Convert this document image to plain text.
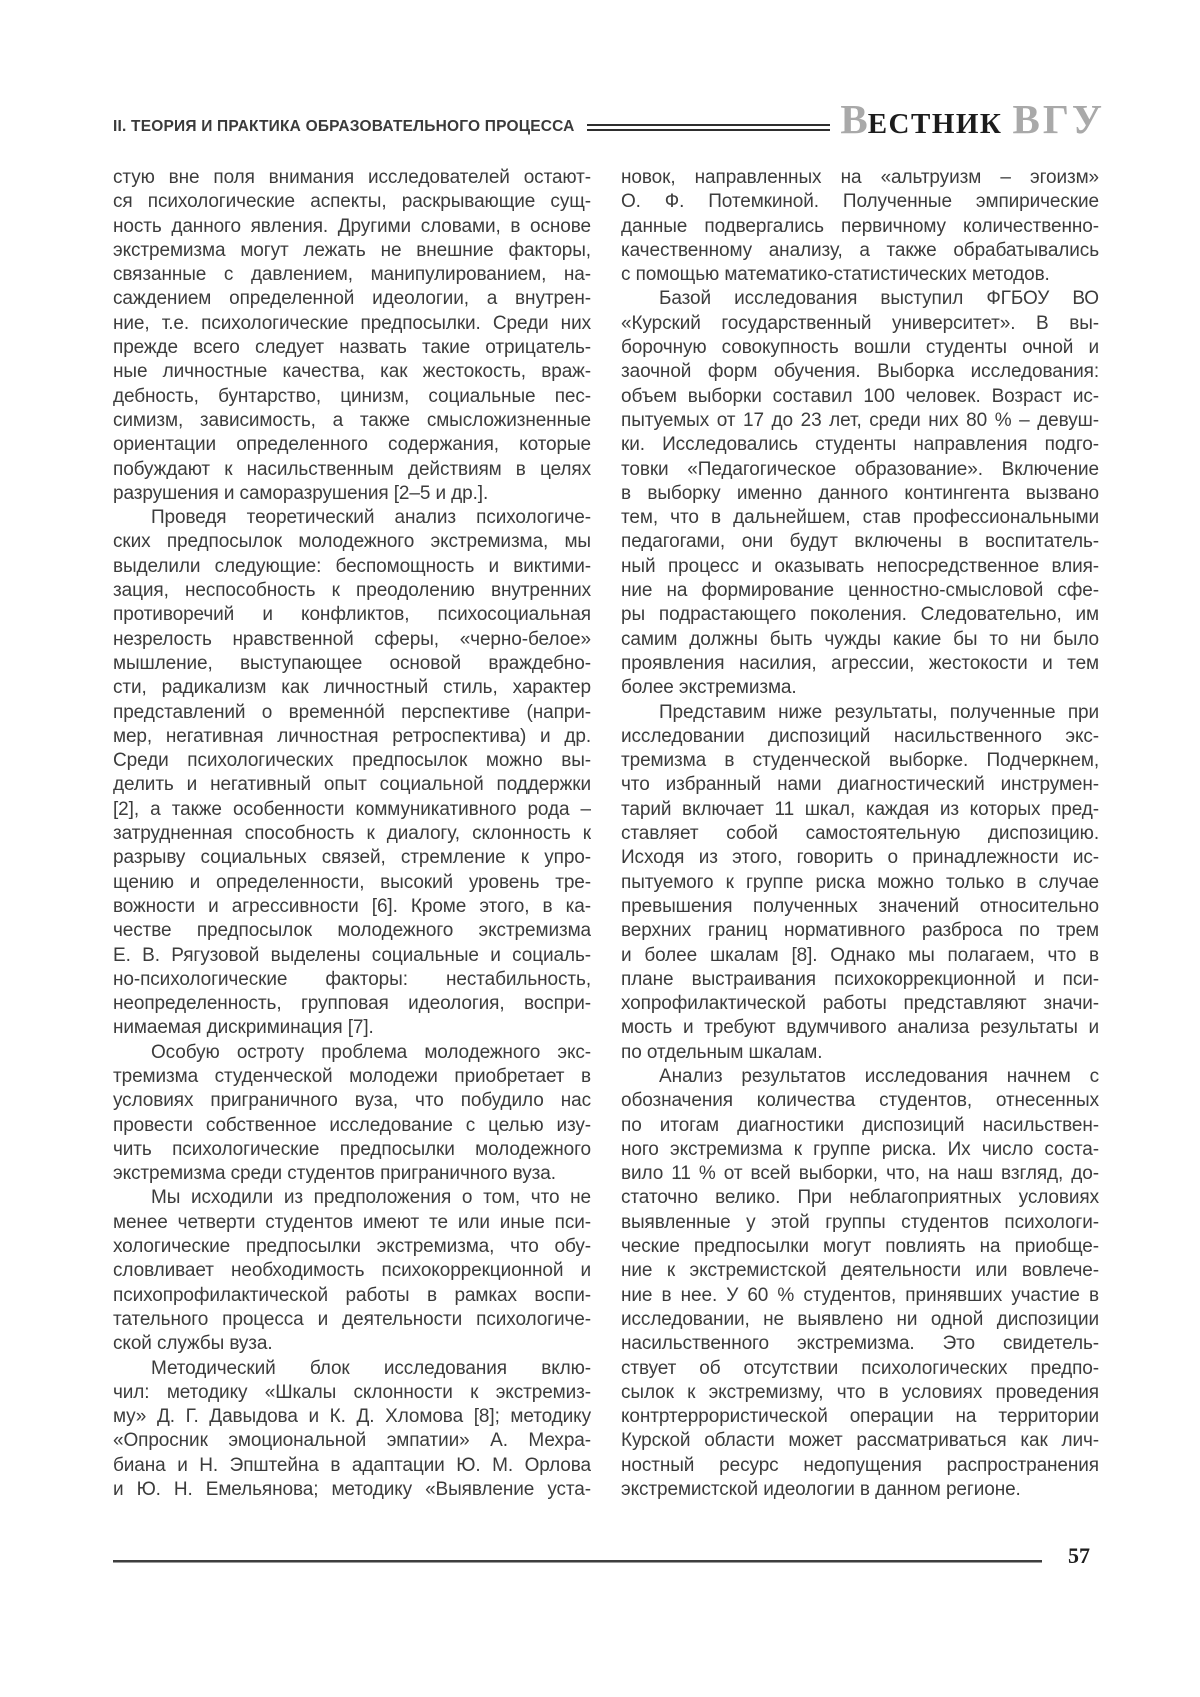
II. ТЕОРИЯ И ПРАКТИКА ОБРАЗОВАТЕЛЬНОГО ПРОЦЕССА	ВЕСТНИК ВГУ
стую вне поля внимания исследователей остают-
ся психологические аспекты, раскрывающие сущ-
ность данного явления. Другими словами, в основе
экстремизма могут лежать не внешние факторы,
связанные с давлением, манипулированием, на-
саждением определенной идеологии, а внутрен-
ние, т.е. психологические предпосылки. Среди них
прежде всего следует назвать такие отрицатель-
ные личностные качества, как жестокость, враж-
дебность, бунтарство, цинизм, социальные пес-
симизм, зависимость, а также смысложизненные
ориентации определенного содержания, которые
побуждают к насильственным действиям в целях
разрушения и саморазрушения [2–5 и др.].
Проведя теоретический анализ психологиче-
ских предпосылок молодежного экстремизма, мы
выделили следующие: беспомощность и виктими-
зация, неспособность к преодолению внутренних
противоречий и конфликтов, психосоциальная
незрелость нравственной сферы, «черно-белое»
мышление, выступающее основой враждебно-
сти, радикализм как личностный стиль, характер
представлений о временно́й перспективе (напри-
мер, негативная личностная ретроспектива) и др.
Среди психологических предпосылок можно вы-
делить и негативный опыт социальной поддержки
[2], а также особенности коммуникативного рода –
затрудненная способность к диалогу, склонность к
разрыву социальных связей, стремление к упро-
щению и определенности, высокий уровень тре-
вожности и агрессивности [6]. Кроме этого, в ка-
честве предпосылок молодежного экстремизма
Е. В. Рягузовой выделены социальные и социаль-
но-психологические факторы: нестабильность,
неопределенность, групповая идеология, воспри-
нимаемая дискриминация [7].
Особую остроту проблема молодежного экс-
тремизма студенческой молодежи приобретает в
условиях приграничного вуза, что побудило нас
провести собственное исследование с целью изу-
чить психологические предпосылки молодежного
экстремизма среди студентов приграничного вуза.
Мы исходили из предположения о том, что не
менее четверти студентов имеют те или иные пси-
хологические предпосылки экстремизма, что обу-
словливает необходимость психокоррекционной и
психопрофилактической работы в рамках воспи-
тательного процесса и деятельности психологиче-
ской службы вуза.
Методический блок исследования вклю-
чил: методику «Шкалы склонности к экстремиз-
му» Д. Г. Давыдова и К. Д. Хломова [8]; методику
«Опросник эмоциональной эмпатии» А. Мехра-
биана и Н. Эпштейна в адаптации Ю. М. Орлова
и Ю. Н. Емельянова; методику «Выявление уста-
новок, направленных на «альтруизм – эгоизм»
О. Ф. Потемкиной. Полученные эмпирические
данные подвергались первичному количественно-
качественному анализу, а также обрабатывались
с помощью математико-статистических методов.
Базой исследования выступил ФГБОУ ВО
«Курский государственный университет». В вы-
борочную совокупность вошли студенты очной и
заочной форм обучения. Выборка исследования:
объем выборки составил 100 человек. Возраст ис-
пытуемых от 17 до 23 лет, среди них 80 % – девуш-
ки. Исследовались студенты направления подго-
товки «Педагогическое образование». Включение
в выборку именно данного контингента вызвано
тем, что в дальнейшем, став профессиональными
педагогами, они будут включены в воспитатель-
ный процесс и оказывать непосредственное влия-
ние на формирование ценностно-смысловой сфе-
ры подрастающего поколения. Следовательно, им
самим должны быть чужды какие бы то ни было
проявления насилия, агрессии, жестокости и тем
более экстремизма.
Представим ниже результаты, полученные при
исследовании диспозиций насильственного экс-
тремизма в студенческой выборке. Подчеркнем,
что избранный нами диагностический инструмен-
тарий включает 11 шкал, каждая из которых пред-
ставляет собой самостоятельную диспозицию.
Исходя из этого, говорить о принадлежности ис-
пытуемого к группе риска можно только в случае
превышения полученных значений относительно
верхних границ нормативного разброса по трем
и более шкалам [8]. Однако мы полагаем, что в
плане выстраивания психокоррекционной и пси-
хопрофилактической работы представляют значи-
мость и требуют вдумчивого анализа результаты и
по отдельным шкалам.
Анализ результатов исследования начнем с
обозначения количества студентов, отнесенных
по итогам диагностики диспозиций насильствен-
ного экстремизма к группе риска. Их число соста-
вило 11 % от всей выборки, что, на наш взгляд, до-
статочно велико. При неблагоприятных условиях
выявленные у этой группы студентов психологи-
ческие предпосылки могут повлиять на приобще-
ние к экстремистской деятельности или вовлече-
ние в нее. У 60 % студентов, принявших участие в
исследовании, не выявлено ни одной диспозиции
насильственного экстремизма. Это свидетель-
ствует об отсутствии психологических предпо-
сылок к экстремизму, что в условиях проведения
контртеррористической операции на территории
Курской области может рассматриваться как лич-
ностный ресурс недопущения распространения
экстремистской идеологии в данном регионе.
57
